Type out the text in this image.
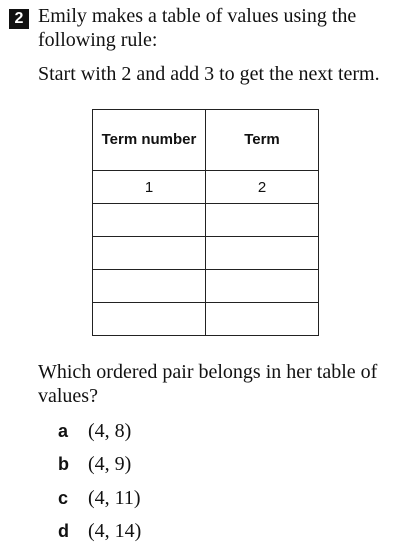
2 Emily makes a table of values using the following rule:
Start with 2 and add 3 to get the next term.
Term number	Term
1	2

Which ordered pair belongs in her table of values?
a (4, 8)
b (4, 9)
c (4, 11)
d (4, 14)
